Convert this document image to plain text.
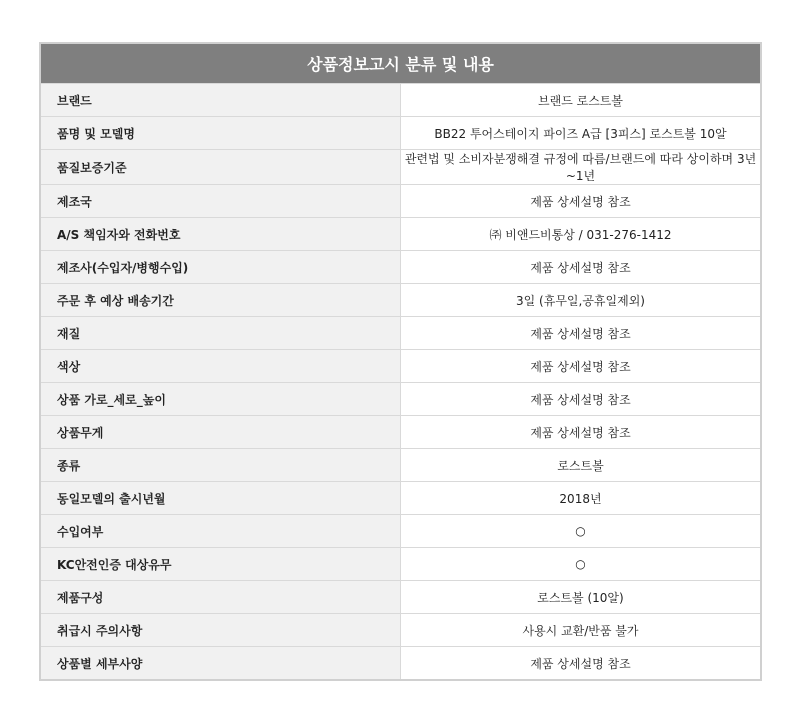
상품정보고시 분류 및 내용	
브랜드	브랜드 로스트볼
품명 및 모델명	BB22 투어스테이지 파이즈 A급 [3피스] 로스트볼 10알
품질보증기준	관련법 및 소비자분쟁해결 규정에 따름/브랜드에 따라 상이하며 3년~1년
제조국	제품 상세설명 참조
A/S 책임자와 전화번호	㈜ 비앤드비통상 / 031-276-1412
제조사(수입자/병행수입)	제품 상세설명 참조
주문 후 예상 배송기간	3일 (휴무일,공휴일제외)
재질	제품 상세설명 참조
색상	제품 상세설명 참조
상품 가로_세로_높이	제품 상세설명 참조
상품무게	제품 상세설명 참조
종류	로스트볼
동일모델의 출시년월	2018년
수입여부	○
KC안전인증 대상유무	○
제품구성	로스트볼 (10알)
취급시 주의사항	사용시 교환/반품 불가
상품별 세부사양	제품 상세설명 참조
